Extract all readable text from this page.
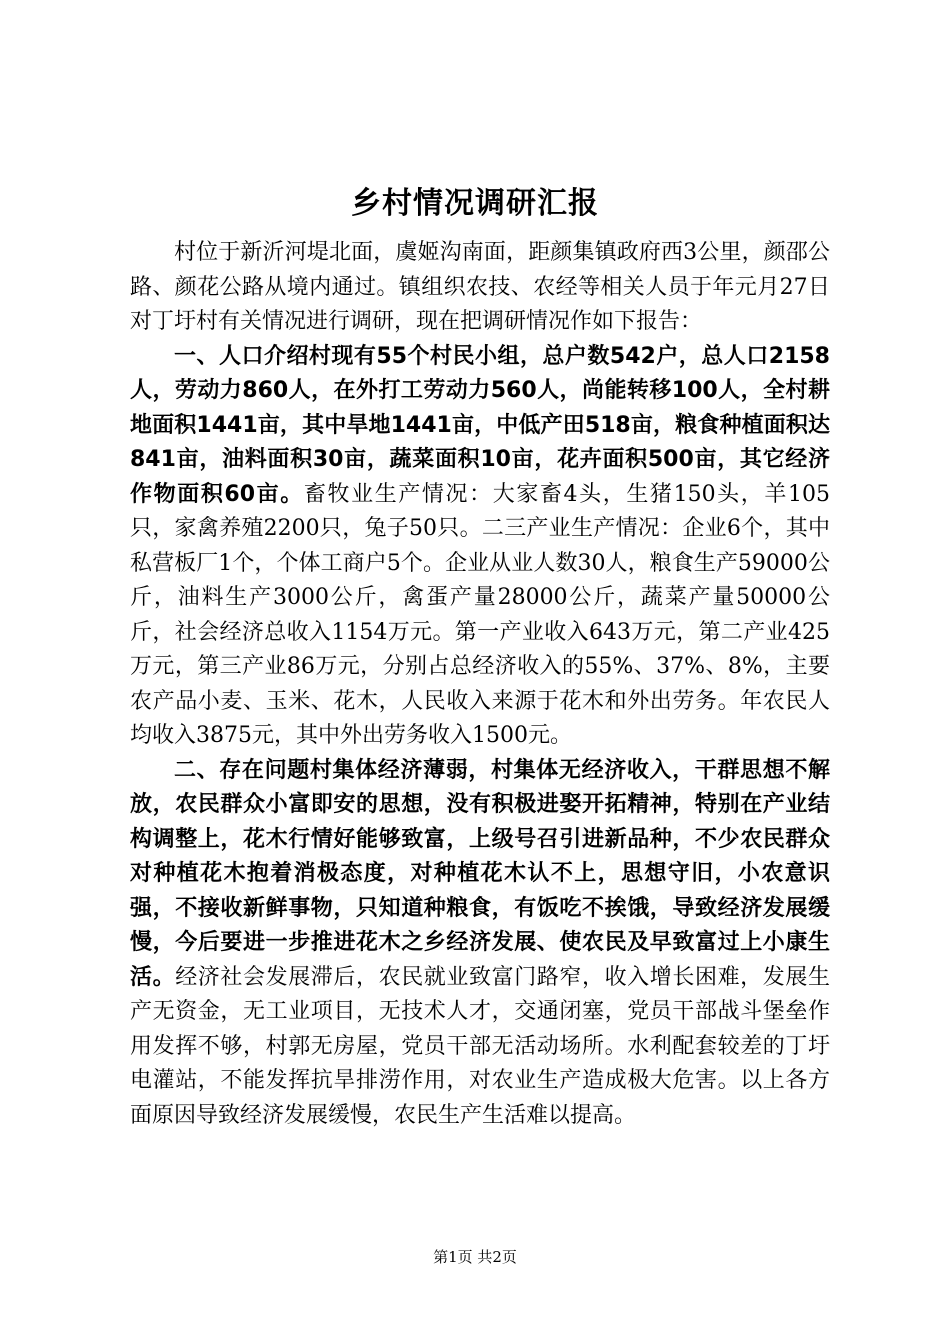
乡村情况调研汇报

村位于新沂河堤北面，虞姬沟南面，距颜集镇政府西3公里，颜邵公路、颜花公路从境内通过。镇组织农技、农经等相关人员于年元月27日对丁圩村有关情况进行调研，现在把调研情况作如下报告：

一、人口介绍村现有55个村民小组，总户数542户，总人口2158人，劳动力860人，在外打工劳动力560人，尚能转移100人，全村耕地面积1441亩，其中旱地1441亩，中低产田518亩，粮食种植面积达841亩，油料面积30亩，蔬菜面积10亩，花卉面积500亩，其它经济作物面积60亩。畜牧业生产情况：大家畜4头，生猪150头，羊105只，家禽养殖2200只，兔子50只。二三产业生产情况：企业6个，其中私营板厂1个，个体工商户5个。企业从业人数30人，粮食生产59000公斤，油料生产3000公斤，禽蛋产量28000公斤，蔬菜产量50000公斤，社会经济总收入1154万元。第一产业收入643万元，第二产业425万元，第三产业86万元，分别占总经济收入的55%、37%、8%，主要农产品小麦、玉米、花木，人民收入来源于花木和外出劳务。年农民人均收入3875元，其中外出劳务收入1500元。

二、存在问题村集体经济薄弱，村集体无经济收入，干群思想不解放，农民群众小富即安的思想，没有积极进娶开拓精神，特别在产业结构调整上，花木行情好能够致富，上级号召引进新品种，不少农民群众对种植花木抱着消极态度，对种植花木认不上，思想守旧，小农意识强，不接收新鲜事物，只知道种粮食，有饭吃不挨饿，导致经济发展缓慢，今后要进一步推进花木之乡经济发展、使农民及早致富过上小康生活。经济社会发展滞后，农民就业致富门路窄，收入增长困难，发展生产无资金，无工业项目，无技术人才，交通闭塞，党员干部战斗堡垒作用发挥不够，村郭无房屋，党员干部无活动场所。水利配套较差的丁圩电灌站，不能发挥抗旱排涝作用，对农业生产造成极大危害。以上各方面原因导致经济发展缓慢，农民生产生活难以提高。

第1页 共2页
